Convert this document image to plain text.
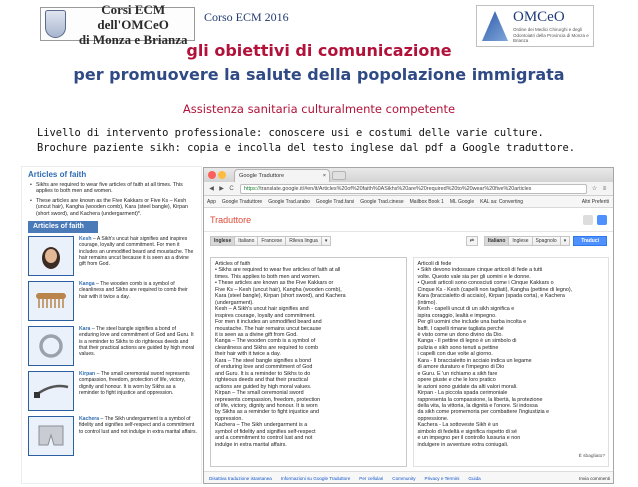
Corsi ECM dell'OMCeO
di Monza e Brianza
Corso ECM 2016	OMCeO
Ordine dei Medici Chirurghi e degli Odontoiatri della Provincia di Monza e Brianza
gli obiettivi di comunicazione
per promuovere la salute della popolazione immigrata
Assistenza sanitaria culturalmente competente
Livello di intervento professionale: conoscere usi e costumi delle varie culture.
Brochure paziente sikh: copia e incolla del testo inglese dal pdf a Google traduttore.
Articles of faith
• Sikhs are required to wear five articles of faith at all times. This applies to both men and women.
• These articles are known as the Five Kakkars or Five Ks – Kesh (uncut hair), Kangha (wooden comb), Kara (steel bangle), Kirpan (short sword), and Kachera (undergarment)*.
Articles of faith
Kesh – A Sikh's uncut hair signifies and inspires courage, loyalty and commitment. For men it includes an unmodified beard and moustache. The hair remains uncut because it is seen as a divine gift from God.
Kanga – The wooden comb is a symbol of cleanliness and Sikhs are required to comb their hair with it twice a day.
Kara – The steel bangle signifies a bond of enduring love and commitment of God and Guru. It is a reminder to Sikhs to do righteous deeds and that their practical actions are guided by high moral values.
Kirpan – The small ceremonial sword represents compassion, freedom, protection of life, victory, dignity and honour. It is worn by Sikhs as a reminder to fight injustice and oppression.
Kachera – The Sikh undergarment is a symbol of fidelity and signifies self-respect and a commitment to control lust and not indulge in extra marital affairs.
Google Traduttore	×
◀ ▶ C	https://translate.google.it/#en/it/Articles%20of%20faith%0ASikhs%20are%20required%20to%20wear%20five%20articles	☆ ≡
App Google Traduttore Google Trad.arabo Google Trad.farsi Google Trad.cinese Mailbox Book 1 ML Google KAL sa: Converting	Altri Preferiti
Traduttore
Inglese	Italiano	Francese	Rileva lingua	▾	⇄	Italiano	Inglese	Spagnolo	▾	Traduci

Articles of faith

• Sikhs are required to wear five articles of faith at all

times. This applies to both men and women.

• These articles are known as the Five Kakkars or

Five Ks – Kesh (uncut hair), Kangha (wooden comb),

Kara (steel bangle), Kirpan (short sword), and Kachera

(undergarment).

Kesh – A Sikh's uncut hair signifies and

inspires courage, loyalty and commitment.

For men it includes an unmodified beard and

moustache. The hair remains uncut because

it is seen as a divine gift from God.

Kanga – The wooden comb is a symbol of

cleanliness and Sikhs are required to comb

their hair with it twice a day.

Kara – The steel bangle signifies a bond

of enduring love and commitment of God

and Guru. It is a reminder to Sikhs to do

righteous deeds and that their practical

actions are guided by high moral values.

Kirpan – The small ceremonial sword

represents compassion, freedom, protection

of life, victory, dignity and honour. It is worn

by Sikhs as a reminder to fight injustice and

oppression.

Kachera – The Sikh undergarment is a

symbol of fidelity and signifies self-respect

and a commitment to control lust and not

indulge in extra marital affairs.

Articoli di fede

• Sikh devono indossare cinque articoli di fede a tutti

volte. Questo vale sia per gli uomini e le donne.

• Questi articoli sono conosciuti come i Cinque Kakkars o

Cinque Ks - Kesh (capelli non tagliati), Kangha (pettine di legno),

Kara (braccialetto di acciaio), Kirpan (spada corta), e Kachera

(intimo).

Kesh - capelli uncut di un sikh significa e

ispira coraggio, lealtà e impegno.

Per gli uomini che include una barba incolta e

baffi. I capelli rimane tagliata perché

è visto come un dono divino da Dio.

Kanga - Il pettine di legno è un simbolo di

pulizia e sikh sono tenuti a pettine

i capelli con due volte al giorno.

Kara - Il braccialetto in acciaio indica un legame

di amore duraturo e l'impegno di Dio

e Guru. E 'un richiamo a sikh fare

opere giuste e che le loro pratico

le azioni sono guidate da alti valori morali.

Kirpan - La piccola spada cerimoniale

rappresenta la compassione, la libertà, la protezione

della vita, la vittoria, la dignità e l'onore. Si indossa

da sikh come promemoria per combattere l'ingiustizia e

oppressione.

Kachera - La sottoveste Sikh è un

simbolo di fedeltà e significa rispetto di sé

e un impegno per il controllo lussuria e non

indulgere in avventure extra coniugali.

È sbagliato?
Disattiva traduzione istantanea Informazioni su Google Traduttore Per cellulari Community Privacy e Termini Guida	Invia commenti
